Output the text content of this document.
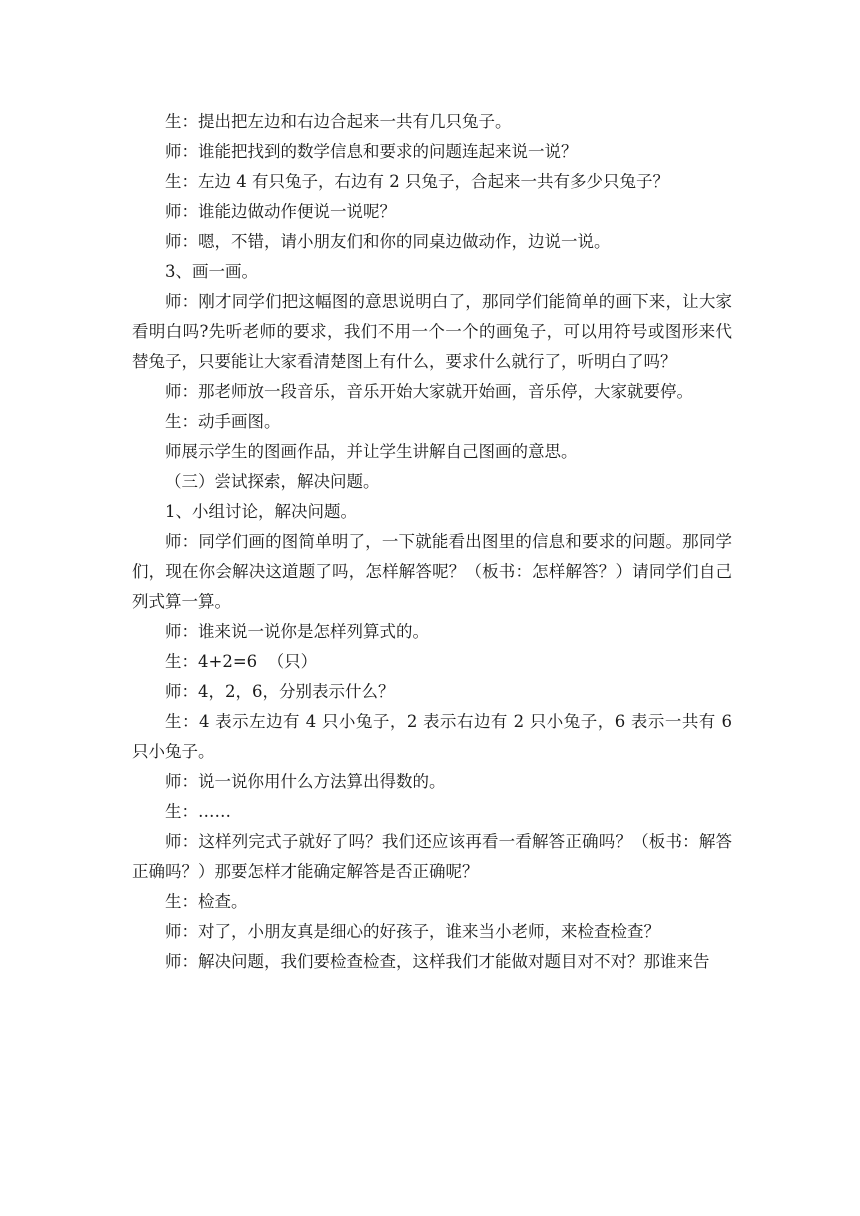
生：提出把左边和右边合起来一共有几只兔子。

师：谁能把找到的数学信息和要求的问题连起来说一说？

生：左边 4 有只兔子，右边有 2 只兔子，合起来一共有多少只兔子？

师：谁能边做动作便说一说呢？

师：嗯，不错，请小朋友们和你的同桌边做动作，边说一说。

3、画一画。

师：刚才同学们把这幅图的意思说明白了，那同学们能简单的画下来，让大家看明白吗?先听老师的要求，我们不用一个一个的画兔子，可以用符号或图形来代替兔子，只要能让大家看清楚图上有什么，要求什么就行了，听明白了吗？

师：那老师放一段音乐，音乐开始大家就开始画，音乐停，大家就要停。

生：动手画图。

师展示学生的图画作品，并让学生讲解自己图画的意思。

（三）尝试探索，解决问题。

1、小组讨论，解决问题。

师：同学们画的图简单明了，一下就能看出图里的信息和要求的问题。那同学们，现在你会解决这道题了吗，怎样解答呢？（板书：怎样解答？）请同学们自己列式算一算。

师：谁来说一说你是怎样列算式的。

生：4+2=6  （只）

师：4，2，6，分别表示什么？

生：4 表示左边有 4 只小兔子，2 表示右边有 2 只小兔子，6 表示一共有 6 只小兔子。

师：说一说你用什么方法算出得数的。

生：……

师：这样列完式子就好了吗？我们还应该再看一看解答正确吗？（板书：解答正确吗？）那要怎样才能确定解答是否正确呢？

生：检查。

师：对了，小朋友真是细心的好孩子，谁来当小老师，来检查检查？

师：解决问题，我们要检查检查，这样我们才能做对题目对不对？那谁来告
